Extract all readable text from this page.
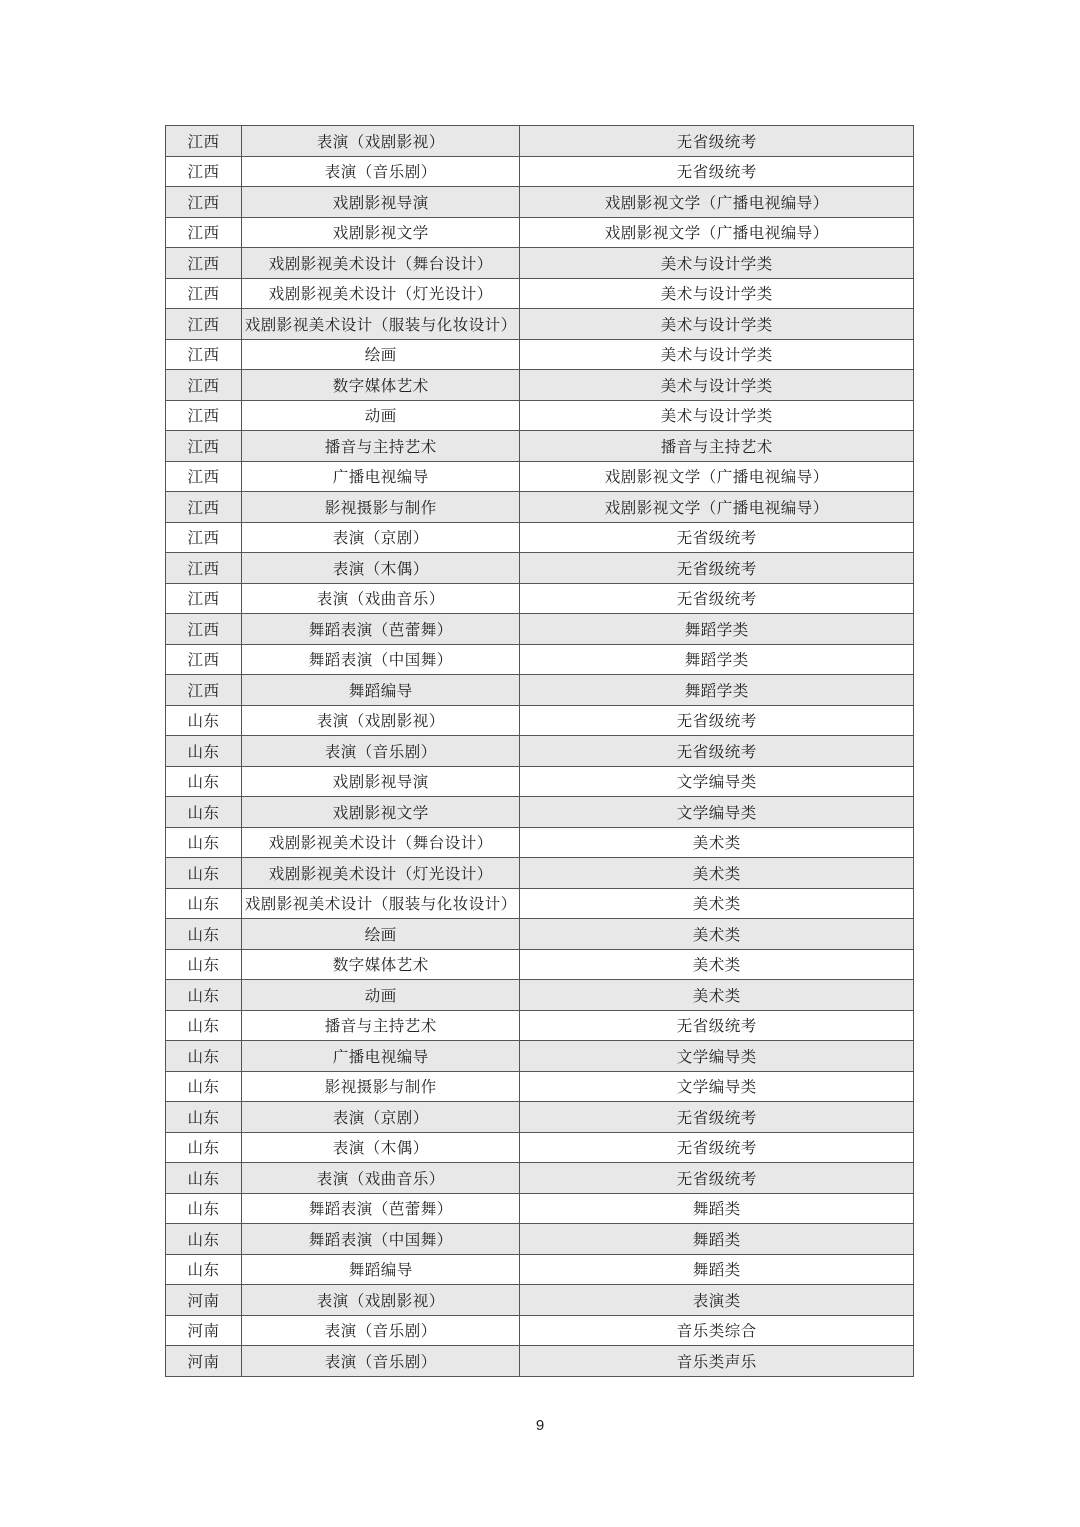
江西	表演（戏剧影视）	无省级统考
江西	表演（音乐剧）	无省级统考
江西	戏剧影视导演	戏剧影视文学（广播电视编导）
江西	戏剧影视文学	戏剧影视文学（广播电视编导）
江西	戏剧影视美术设计（舞台设计）	美术与设计学类
江西	戏剧影视美术设计（灯光设计）	美术与设计学类
江西	戏剧影视美术设计（服装与化妆设计）	美术与设计学类
江西	绘画	美术与设计学类
江西	数字媒体艺术	美术与设计学类
江西	动画	美术与设计学类
江西	播音与主持艺术	播音与主持艺术
江西	广播电视编导	戏剧影视文学（广播电视编导）
江西	影视摄影与制作	戏剧影视文学（广播电视编导）
江西	表演（京剧）	无省级统考
江西	表演（木偶）	无省级统考
江西	表演（戏曲音乐）	无省级统考
江西	舞蹈表演（芭蕾舞）	舞蹈学类
江西	舞蹈表演（中国舞）	舞蹈学类
江西	舞蹈编导	舞蹈学类
山东	表演（戏剧影视）	无省级统考
山东	表演（音乐剧）	无省级统考
山东	戏剧影视导演	文学编导类
山东	戏剧影视文学	文学编导类
山东	戏剧影视美术设计（舞台设计）	美术类
山东	戏剧影视美术设计（灯光设计）	美术类
山东	戏剧影视美术设计（服装与化妆设计）	美术类
山东	绘画	美术类
山东	数字媒体艺术	美术类
山东	动画	美术类
山东	播音与主持艺术	无省级统考
山东	广播电视编导	文学编导类
山东	影视摄影与制作	文学编导类
山东	表演（京剧）	无省级统考
山东	表演（木偶）	无省级统考
山东	表演（戏曲音乐）	无省级统考
山东	舞蹈表演（芭蕾舞）	舞蹈类
山东	舞蹈表演（中国舞）	舞蹈类
山东	舞蹈编导	舞蹈类
河南	表演（戏剧影视）	表演类
河南	表演（音乐剧）	音乐类综合
河南	表演（音乐剧）	音乐类声乐
9
